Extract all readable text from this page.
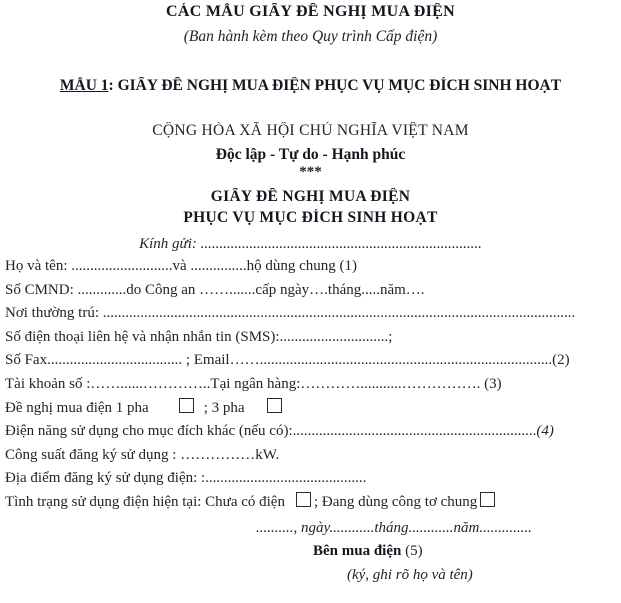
CÁC MẪU GIẤY ĐỀ NGHỊ MUA ĐIỆN
(Ban hành kèm theo Quy trình Cấp điện)
MẪU 1: GIẤY ĐỀ NGHỊ MUA ĐIỆN PHỤC VỤ MỤC ĐÍCH SINH HOẠT
CỘNG HÒA XÃ HỘI CHỦ NGHĨA VIỆT NAM
Độc lập - Tự do - Hạnh phúc
***
GIẤY ĐỀ NGHỊ MUA ĐIỆN
PHỤC VỤ MỤC ĐÍCH SINH HOẠT
Kính gửi: ...........................................................................
Họ và tên: ...........................và ...............hộ dùng chung (1)
Số CMND: .............do Công an …….......cấp ngày….tháng.....năm….
Nơi thường trú: ..............................................................................................................................
Số điện thoại liên hệ và nhận nhắn tin (SMS):.............................;
Số Fax.................................... ; Email……..............................................................................(2)
Tài khoản số :……......…………..Tại ngân hàng:…………...........……………. (3)
Đề nghị mua điện 1 pha	; 3 pha
Điện năng sử dụng cho mục đích khác (nếu có):.................................................................(4)
Công suất đăng ký sử dụng : ……………kW.
Địa điểm đăng ký sử dụng điện: :...........................................
Tình trạng sử dụng điện hiện tại: Chưa có điện ; Đang dùng công tơ chung
.........., ngày............tháng............năm..............
Bên mua điện (5)
(ký, ghi rõ họ và tên)
